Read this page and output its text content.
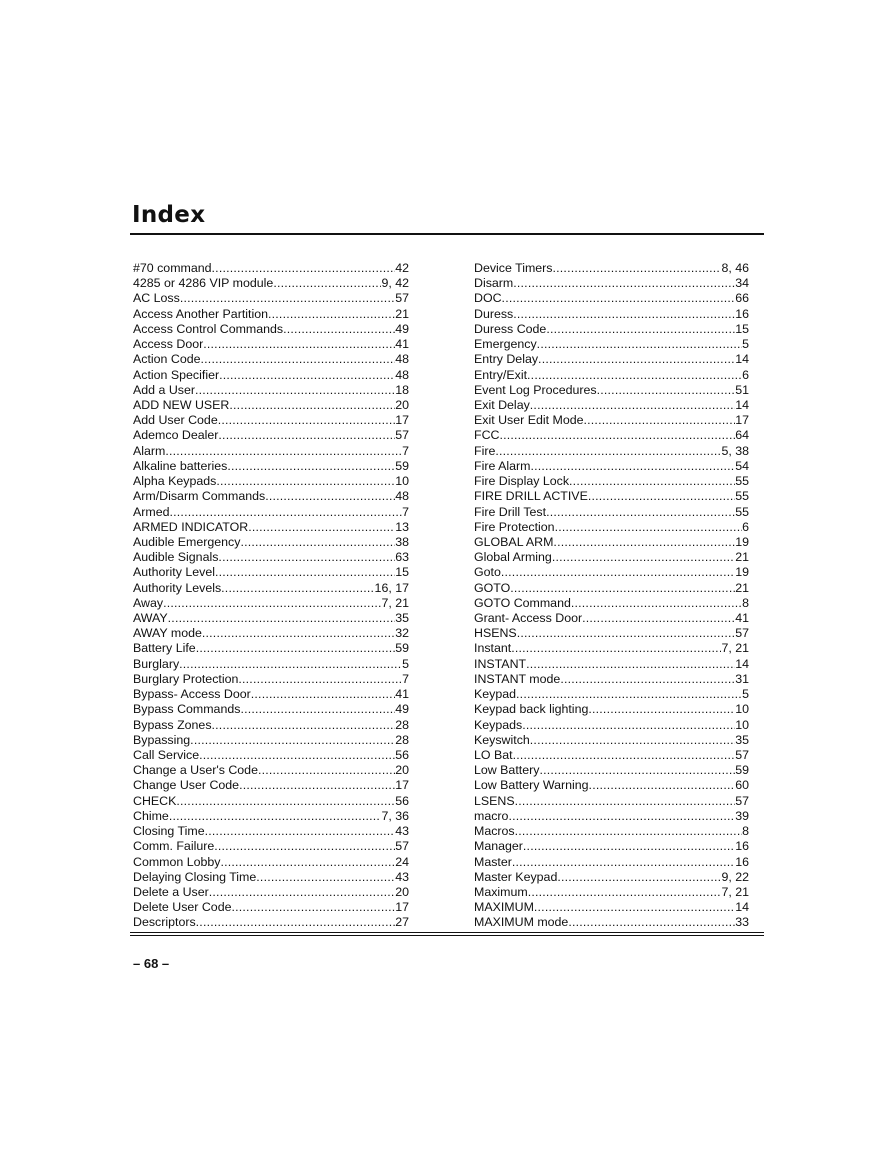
Index
#70 command .....	42
4285 or 4286 VIP module .....	9, 42
AC Loss .....	57
Access Another Partition .....	21
Access Control Commands .....	49
Access Door .....	41
Action Code .....	48
Action Specifier .....	48
Add a User .....	18
ADD NEW USER .....	20
Add User Code .....	17
Ademco Dealer .....	57
Alarm .....	7
Alkaline batteries .....	59
Alpha Keypads .....	10
Arm/Disarm Commands .....	48
Armed .....	7
ARMED INDICATOR .....	13
Audible Emergency .....	38
Audible Signals .....	63
Authority Level .....	15
Authority Levels .....	16, 17
Away .....	7, 21
AWAY .....	35
AWAY mode .....	32
Battery Life .....	59
Burglary .....	5
Burglary Protection .....	7
Bypass- Access Door .....	41
Bypass Commands .....	49
Bypass Zones .....	28
Bypassing .....	28
Call Service .....	56
Change a User's Code .....	20
Change User Code .....	17
CHECK .....	56
Chime .....	7, 36
Closing Time .....	43
Comm. Failure .....	57
Common Lobby .....	24
Delaying Closing Time .....	43
Delete a User .....	20
Delete User Code .....	17
Descriptors .....	27
Device Timers .....	8, 46
Disarm .....	34
DOC .....	66
Duress .....	16
Duress Code .....	15
Emergency .....	5
Entry Delay .....	14
Entry/Exit .....	6
Event Log Procedures .....	51
Exit Delay .....	14
Exit User Edit Mode .....	17
FCC .....	64
Fire .....	5, 38
Fire Alarm .....	54
Fire Display Lock .....	55
FIRE DRILL ACTIVE .....	55
Fire Drill Test .....	55
Fire Protection .....	6
GLOBAL ARM .....	19
Global Arming .....	21
Goto .....	19
GOTO .....	21
GOTO Command .....	8
Grant- Access Door .....	41
HSENS .....	57
Instant .....	7, 21
INSTANT .....	14
INSTANT mode .....	31
Keypad .....	5
Keypad back lighting .....	10
Keypads .....	10
Keyswitch .....	35
LO Bat .....	57
Low Battery .....	59
Low Battery Warning .....	60
LSENS .....	57
macro .....	39
Macros .....	8
Manager .....	16
Master .....	16
Master Keypad .....	9, 22
Maximum .....	7, 21
MAXIMUM .....	14
MAXIMUM mode .....	33
– 68 –
